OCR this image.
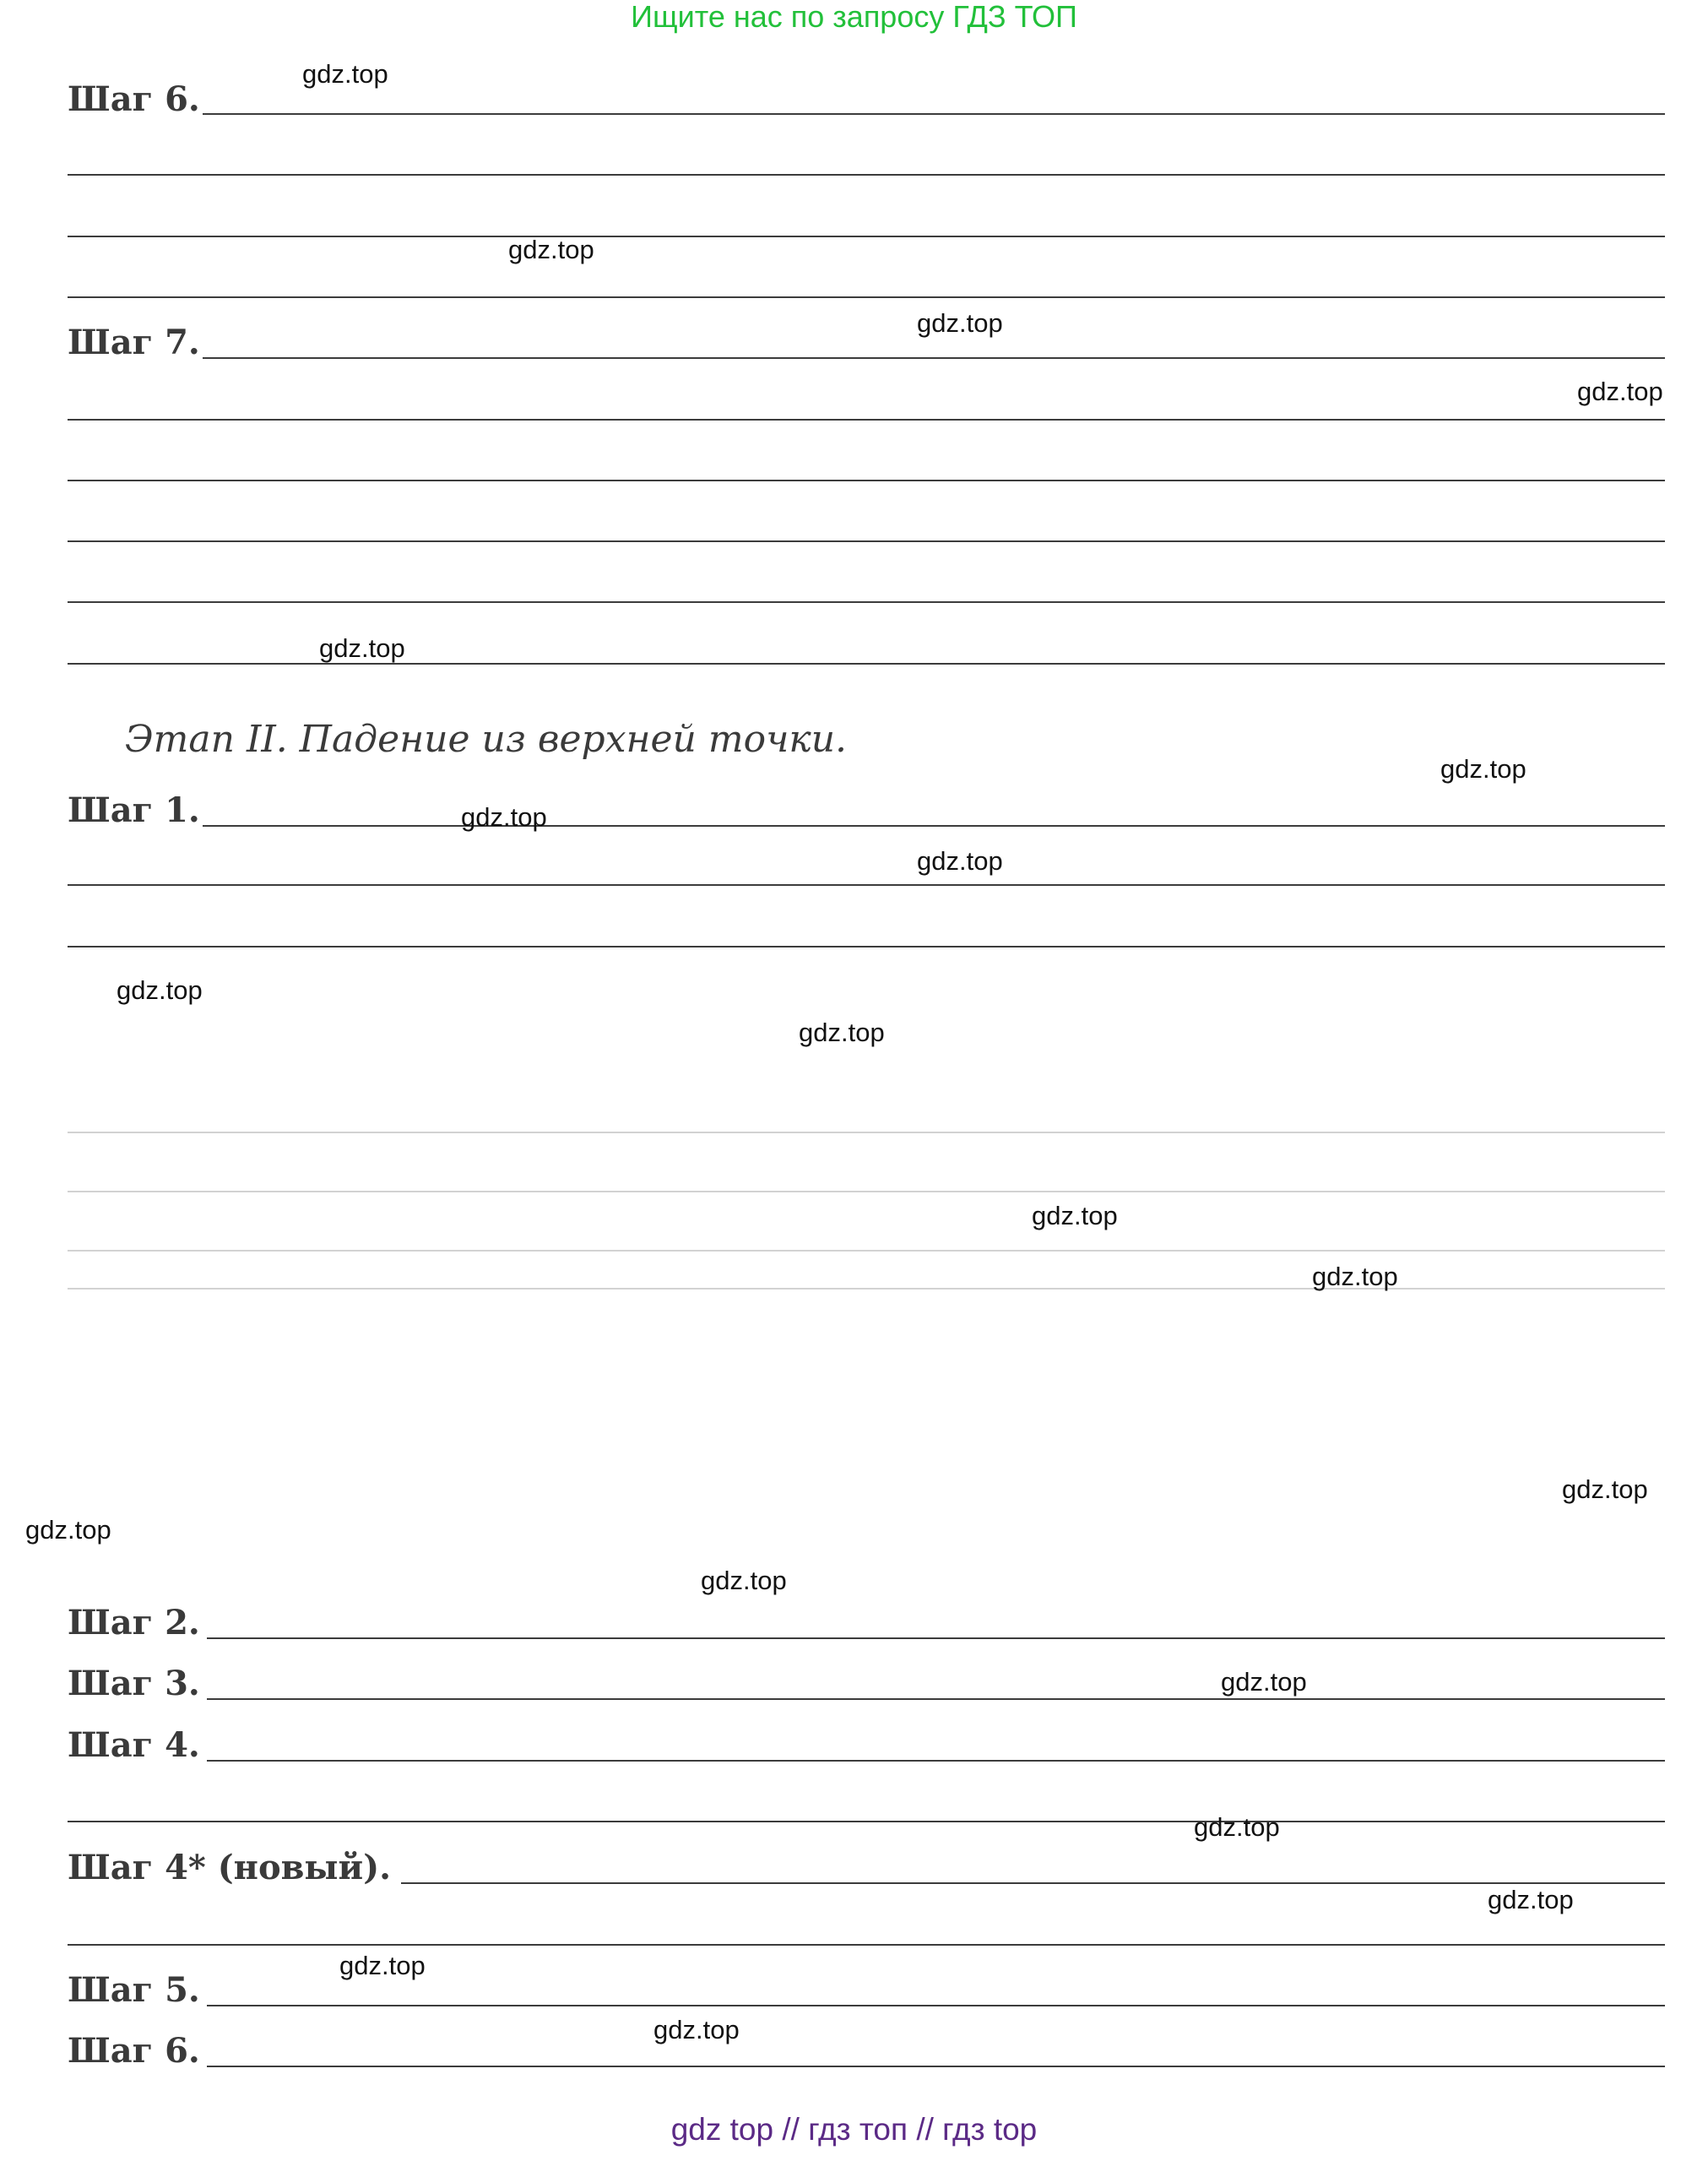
Ищите нас по запросу ГДЗ ТОП
Шаг 6.
Шаг 7.
Этап II. Падение из верхней точки.
Шаг 1.
Шаг 2.
Шаг 3.
Шаг 4.
Шаг 4* (новый).
Шаг 5.
Шаг 6.
gdz.top
gdz.top
gdz.top
gdz.top
gdz.top
gdz.top
gdz.top
gdz.top
gdz.top
gdz.top
gdz.top
gdz.top
gdz.top
gdz.top
gdz.top
gdz.top
gdz.top
gdz.top
gdz.top
gdz.top
gdz top // гдз топ // гдз top
